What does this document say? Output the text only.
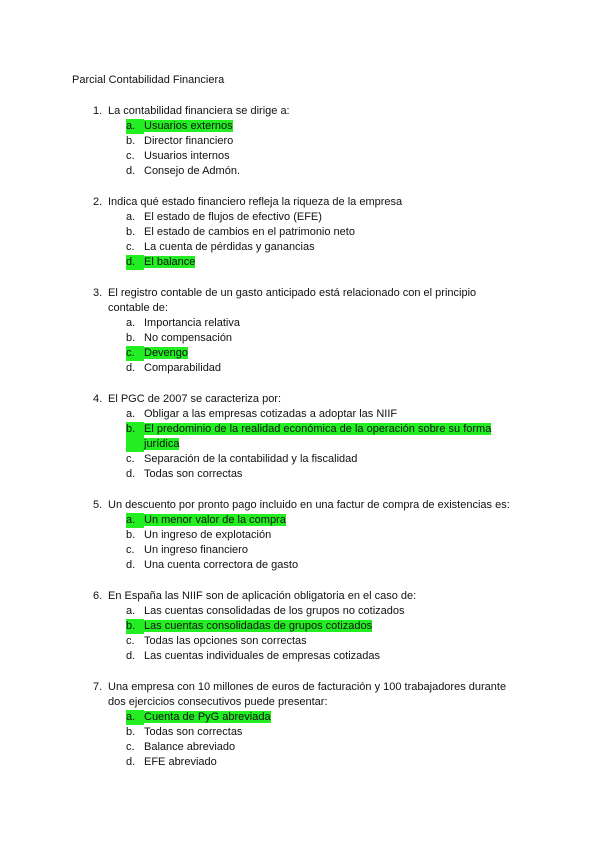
Parcial Contabilidad Financiera
1. La contabilidad financiera se dirige a:
a. Usuarios externos
b. Director financiero
c. Usuarios internos
d. Consejo de Admón.
2. Indica qué estado financiero refleja la riqueza de la empresa
a. El estado de flujos de efectivo (EFE)
b. El estado de cambios en el patrimonio neto
c. La cuenta de pérdidas y ganancias
d. El balance
3. El registro contable de un gasto anticipado está relacionado con el principio contable de:
a. Importancia relativa
b. No compensación
c. Devengo
d. Comparabilidad
4. El PGC de 2007 se caracteriza por:
a. Obligar a las empresas cotizadas a adoptar las NIIF
b. El predominio de la realidad económica de la operación sobre su forma jurídica
c. Separación de la contabilidad y la fiscalidad
d. Todas son correctas
5. Un descuento por pronto pago incluido en una factur de compra de existencias es:
a. Un menor valor de la compra
b. Un ingreso de explotación
c. Un ingreso financiero
d. Una cuenta correctora de gasto
6. En España las NIIF son de aplicación obligatoria en el caso de:
a. Las cuentas consolidadas de los grupos no cotizados
b. Las cuentas consolidadas de grupos cotizados
c. Todas las opciones son correctas
d. Las cuentas individuales de empresas cotizadas
7. Una empresa con 10 millones de euros de facturación y 100 trabajadores durante dos ejercicios consecutivos puede presentar:
a. Cuenta de PyG abreviada
b. Todas son correctas
c. Balance abreviado
d. EFE abreviado
